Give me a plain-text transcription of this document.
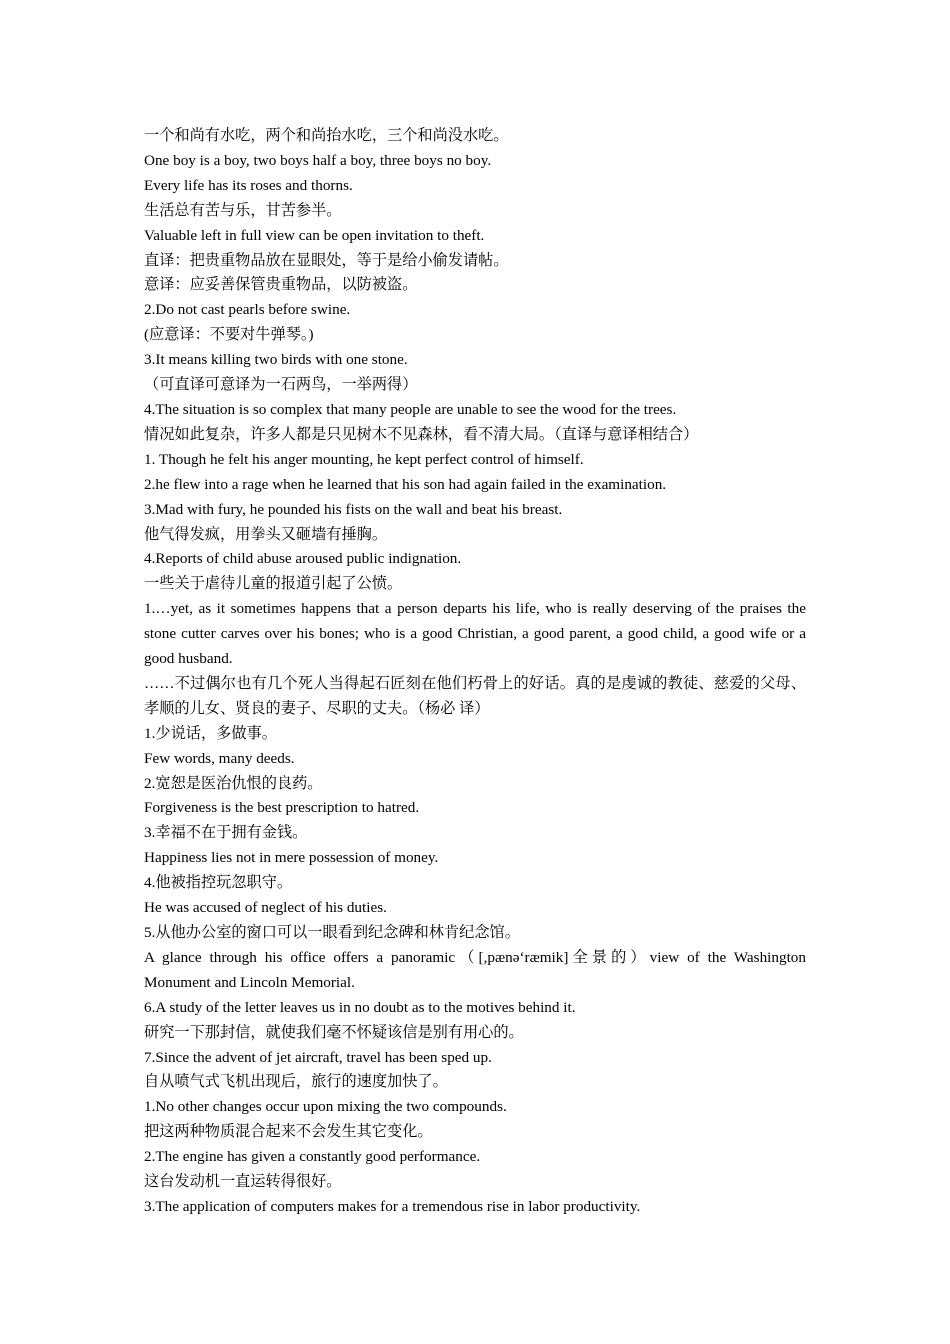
一个和尚有水吃，两个和尚抬水吃，三个和尚没水吃。

One boy is a boy, two boys half a boy, three boys no boy.

Every life has its roses and thorns.

生活总有苦与乐，甘苦参半。

Valuable left in full view can be open invitation to theft.

直译：把贵重物品放在显眼处，等于是给小偷发请帖。

意译：应妥善保管贵重物品，以防被盗。

2.Do not cast pearls before swine.

(应意译：不要对牛弹琴。)

3.It means killing two birds with one stone.

（可直译可意译为一石两鸟，一举两得）

4.The situation is so complex that many people are unable to see the wood for the trees.

情况如此复杂，许多人都是只见树木不见森林，看不清大局。（直译与意译相结合）

1. Though he felt his anger mounting, he kept perfect control of himself.

2.he flew into a rage when he learned that his son had again failed in the examination.

3.Mad with fury, he pounded his fists on the wall and beat his breast.

他气得发疯，用拳头又砸墙有捶胸。

4.Reports of child abuse aroused public indignation.

一些关于虐待儿童的报道引起了公愤。

1.…yet, as it sometimes happens that a person departs his life, who is really deserving of the praises the stone cutter carves over his bones; who is a good Christian, a good parent, a good child, a good wife or a good husband.

……不过偶尔也有几个死人当得起石匠刻在他们朽骨上的好话。真的是虔诚的教徒、慈爱的父母、孝顺的儿女、贤良的妻子、尽职的丈夫。（杨必 译）

1.少说话，多做事。

Few words, many deeds.

2.宽恕是医治仇恨的良药。

Forgiveness is the best prescription to hatred.

3.幸福不在于拥有金钱。

Happiness lies not in mere possession of money.

4.他被指控玩忽职守。

He was accused of neglect of his duties.

5.从他办公室的窗口可以一眼看到纪念碑和林肯纪念馆。

A glance through his office offers a panoramic（[,pænə‘ræmik]全景的）view of the Washington Monument and Lincoln Memorial.

6.A study of the letter leaves us in no doubt as to the motives behind it.

研究一下那封信，就使我们毫不怀疑该信是别有用心的。

7.Since the advent of jet aircraft, travel has been sped up.

自从喷气式飞机出现后，旅行的速度加快了。

1.No other changes occur upon mixing the two compounds.

把这两种物质混合起来不会发生其它变化。

2.The engine has given a constantly good performance.

这台发动机一直运转得很好。

3.The application of computers makes for a tremendous rise in labor productivity.
